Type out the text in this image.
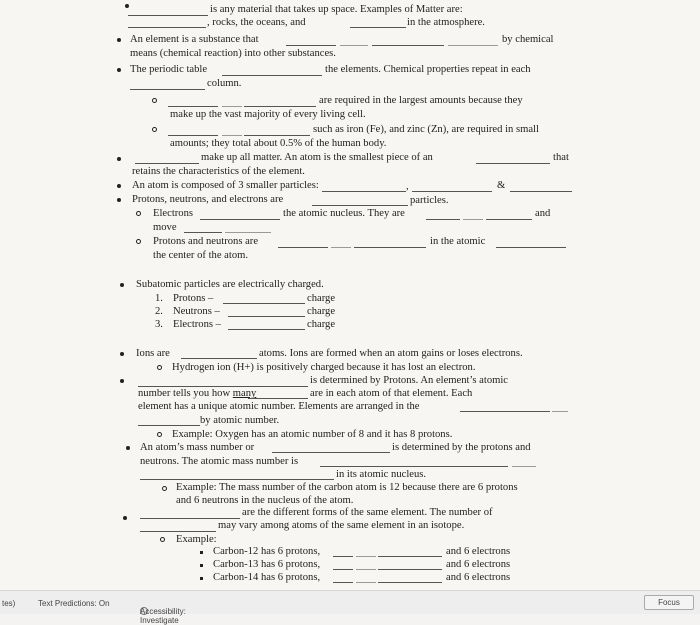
is any material that takes up space. Examples of Matter are:
, rocks, the oceans, and	in the atmosphere.
An element is a substance that	by chemical
means (chemical reaction) into other substances.
The periodic table	the elements. Chemical properties repeat in each
column.
are required in the largest amounts because they
make up the vast majority of every living cell.
such as iron (Fe), and zinc (Zn), are required in small
amounts; they total about 0.5% of the human body.
make up all matter. An atom is the smallest piece of an	that
retains the characteristics of the element.
An atom is composed of 3 smaller particles:	,	&
Protons, neutrons, and electrons are	particles.
Electrons	the atomic nucleus. They are	and
move
Protons and neutrons are	in the atomic
the center of the atom.
Subatomic particles are electrically charged.
1. Protons –	charge
2. Neutrons –	charge
3. Electrons –	charge
Ions are	atoms. Ions are formed when an atom gains or loses electrons.
Hydrogen ion (H+) is positively charged because it has lost an electron.
is determined by Protons. An element’s atomic
number tells you how many	are in each atom of that element. Each
element has a unique atomic number. Elements are arranged in the
by atomic number.
Example: Oxygen has an atomic number of 8 and it has 8 protons.
An atom’s mass number or	is determined by the protons and
neutrons. The atomic mass number is
in its atomic nucleus.
Example: The mass number of the carbon atom is 12 because there are 6 protons
and 6 neutrons in the nucleus of the atom.
are the different forms of the same element. The number of
may vary among atoms of the same element in an isotope.
Example:
Carbon-12 has 6 protons,	and 6 electrons
Carbon-13 has 6 protons,	and 6 electrons
Carbon-14 has 6 protons,	and 6 electrons
tes)	Text Predictions: On
Accessibility: Investigate
Focus
